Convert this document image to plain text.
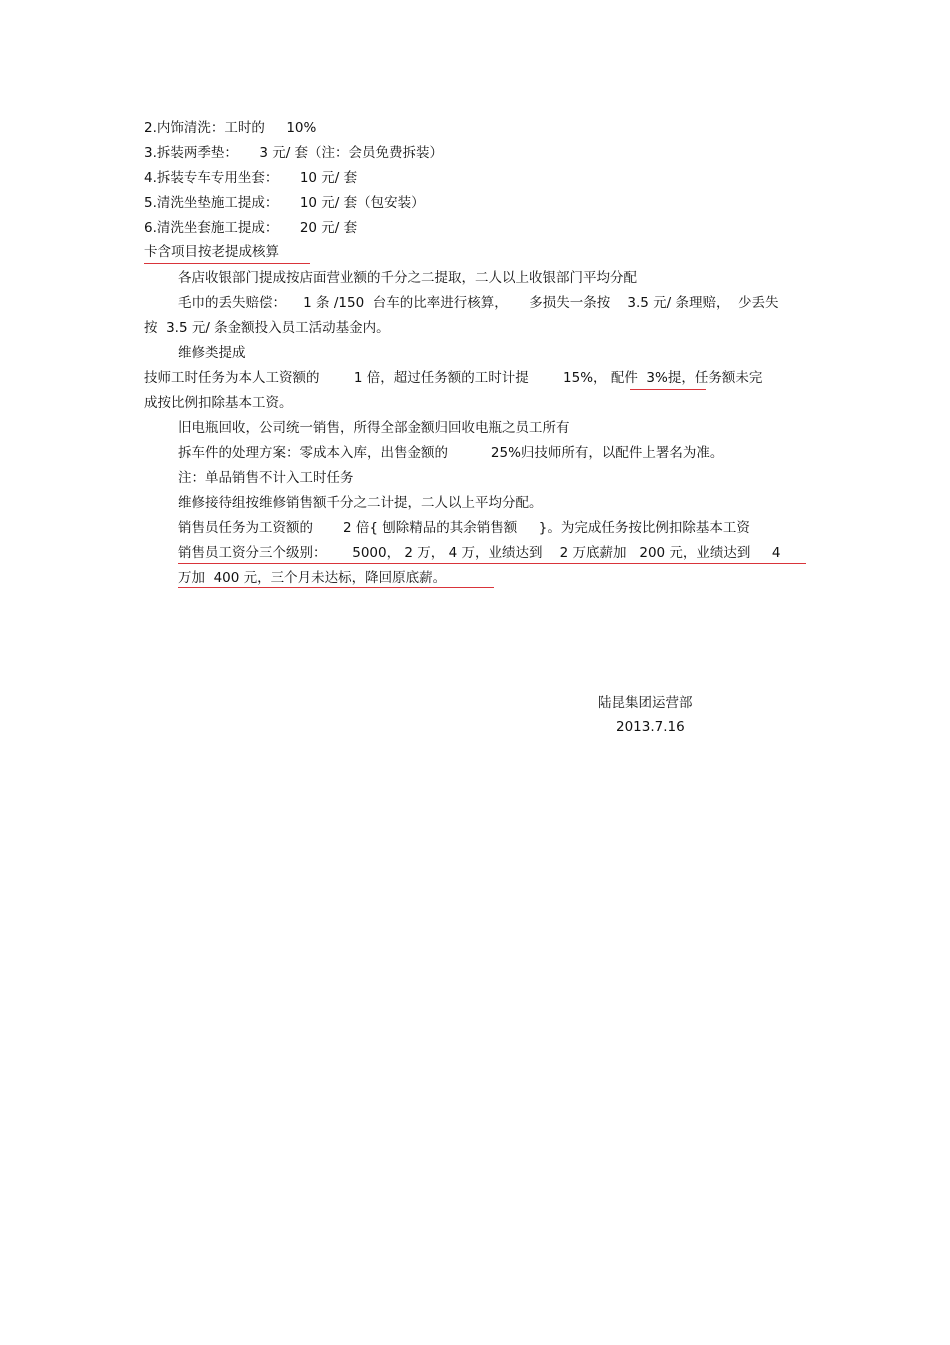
2.内饰清洗：工时的     10%
3.拆装两季垫：     3 元/ 套（注：会员免费拆装）
4.拆装专车专用坐套：     10 元/ 套
5.清洗坐垫施工提成：     10 元/ 套（包安装）
6.清洗坐套施工提成：     20 元/ 套
卡含项目按老提成核算
各店收银部门提成按店面营业额的千分之二提取，二人以上收银部门平均分配
毛巾的丢失赔偿：    1 条 /150  台车的比率进行核算，     多损失一条按    3.5 元/ 条理赔，  少丢失
按  3.5 元/ 条金额投入员工活动基金内。
维修类提成
技师工时任务为本人工资额的        1 倍，超过任务额的工时计提        15%， 配件  3%提，任务额未完
成按比例扣除基本工资。
旧电瓶回收，公司统一销售，所得全部金额归回收电瓶之员工所有
拆车件的处理方案：零成本入库，出售金额的          25%归技师所有，以配件上署名为准。
注：单品销售不计入工时任务
维修接待组按维修销售额千分之二计提，二人以上平均分配。
销售员任务为工资额的       2 倍{ 刨除精品的其余销售额     }。为完成任务按比例扣除基本工资
销售员工资分三个级别：      5000， 2 万， 4 万，业绩达到    2 万底薪加   200 元，业绩达到     4
万加  400 元，三个月未达标，降回原底薪。
陆昆集团运营部
2013.7.16
